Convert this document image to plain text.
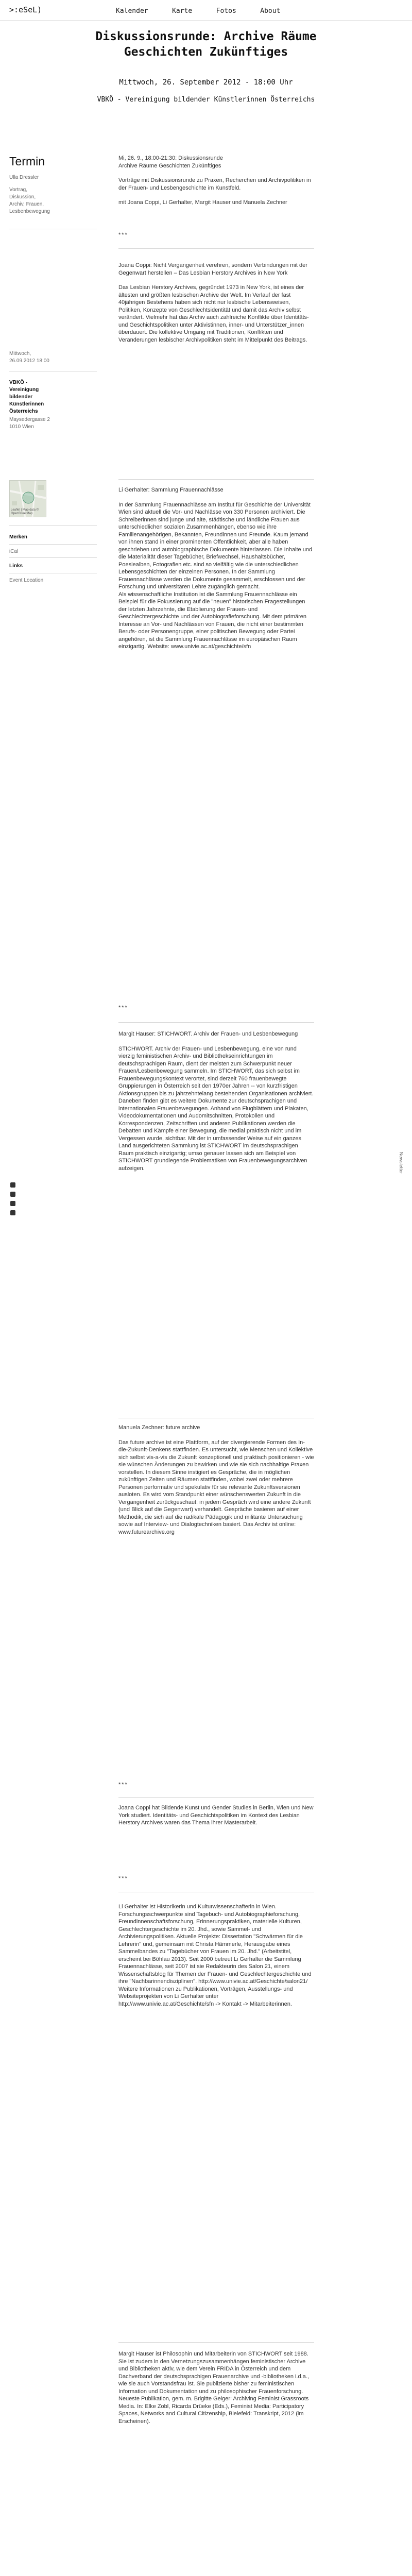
>:eSeL)	Kalender	Karte	Fotos	About
Diskussionsrunde: Archive Räume
Geschichten Zukünftiges
Mittwoch, 26. September 2012 - 18:00 Uhr
VBKÖ - Vereinigung bildender Künstlerinnen Österreichs
Termin
Ulla Dressler
Vortrag,
Diskussion,
Archiv, Frauen,
Lesbenbewegung
Mittwoch,
26.09.2012 18:00
VBKÖ -
Vereinigung
bildender
Künstlerinnen
Österreichs
Maysedergasse 2
1010 Wien
Leaflet | Map data ©
OpenStreetMap
Merken
iCal
Links
Event Location

Mi, 26. 9., 18:00-21:30: Diskussionsrunde

Archive Räume Geschichten Zukünftiges

Vorträge mit Diskussionsrunde zu Praxen, Recherchen und Archivpolitiken in der Frauen- und Lesbengeschichte im Kunstfeld.

mit Joana Coppi, Li Gerhalter, Margit Hauser und Manuela Zechner

***

Joana Coppi: Nicht Vergangenheit verehren, sondern Verbindungen mit der Gegenwart herstellen – Das Lesbian Herstory Archives in New York

Das Lesbian Herstory Archives, gegründet 1973 in New York, ist eines der ältesten und größten lesbischen Archive der Welt. Im Verlauf der fast 40jährigen Bestehens haben sich nicht nur lesbische Lebensweisen, Politiken, Konzepte von Geschlechtsidentität und damit das Archiv selbst verändert. Vielmehr hat das Archiv auch zahlreiche Konflikte über Identitäts- und Geschichtspolitiken unter Aktivistinnen, inner- und Unterstützer_innen überdauert. Die kollektive Umgang mit Traditionen, Konflikten und Veränderungen lesbischer Archivpolitiken steht im Mittelpunkt des Beitrags.

Li Gerhalter: Sammlung Frauennachlässe

In der Sammlung Frauennachlässe am Institut für Geschichte der Universität Wien sind aktuell die Vor- und Nachlässe von 330 Personen archiviert. Die Schreiberinnen sind junge und alte, städtische und ländliche Frauen aus unterschiedlichen sozialen Zusammenhängen, ebenso wie ihre Familienangehörigen, Bekannten, Freundinnen und Freunde. Kaum jemand von ihnen stand in einer prominenten Öffentlichkeit, aber alle haben geschrieben und autobiographische Dokumente hinterlassen. Die Inhalte und die Materialität dieser Tagebücher, Briefwechsel, Haushaltsbücher, Poesiealben, Fotografien etc. sind so vielfältig wie die unterschiedlichen Lebensgeschichten der einzelnen Personen. In der Sammlung Frauennachlässe werden die Dokumente gesammelt, erschlossen und der Forschung und universitären Lehre zugänglich gemacht.

Als wissenschaftliche Institution ist die Sammlung Frauennachlässe ein Beispiel für die Fokussierung auf die "neuen" historischen Fragestellungen der letzten Jahrzehnte, die Etablierung der Frauen- und Geschlechtergeschichte und der Autobiografieforschung. Mit dem primären Interesse an Vor- und Nachlässen von Frauen, die nicht einer bestimmten Berufs- oder Personengruppe, einer politischen Bewegung oder Partei angehören, ist die Sammlung Frauennachlässe im europäischen Raum einzigartig. Website: www.univie.ac.at/geschichte/sfn

***

Margit Hauser: STICHWORT. Archiv der Frauen- und Lesbenbewegung

STICHWORT. Archiv der Frauen- und Lesbenbewegung, eine von rund vierzig feministischen Archiv- und Bibliothekseinrichtungen im deutschsprachigen Raum, dient der meisten zum Schwerpunkt neuer Frauen/Lesbenbewegung sammeln. Im STICHWORT, das sich selbst im Frauenbewegungskontext verortet, sind derzeit 760 frauenbewegte Gruppierungen in Österreich seit den 1970er Jahren -- von kurzfristigen Aktionsgruppen bis zu jahrzehntelang bestehenden Organisationen archiviert. Daneben finden gibt es weitere Dokumente zur deutschsprachigen und internationalen Frauenbewegungen. Anhand von Flugblättern und Plakaten, Videodokumentationen und Audomitschnitten, Protokollen und Korrespondenzen, Zeitschriften und anderen Publikationen werden die Debatten und Kämpfe einer Bewegung, die medial praktisch nicht und im Vergessen wurde, sichtbar. Mit der in umfassender Weise auf ein ganzes Land ausgerichteten Sammlung ist STICHWORT im deutschsprachigen Raum praktisch einzigartig; umso genauer lassen sich am Beispiel von STICHWORT grundlegende Problematiken von Frauenbewegungsarchiven aufzeigen.

Manuela Zechner: future archive

Das future archive ist eine Plattform, auf der divergierende Formen des In-die-Zukunft-Denkens stattfinden. Es untersucht, wie Menschen und Kollektive sich selbst vis-a-vis die Zukunft konzeptionell und praktisch positionieren - wie sie wünschen Änderungen zu bewirken und wie sie sich nachhaltige Praxen vorstellen. In diesem Sinne instigiert es Gespräche, die in möglichen zukünftigen Zeiten und Räumen stattfinden, wobei zwei oder mehrere Personen performativ und spekulativ für sie relevante Zukunftsversionen ausloten. Es wird vom Standpunkt einer wünschenswerten Zukunft in die Vergangenheit zurückgeschaut: in jedem Gespräch wird eine andere Zukunft (und Blick auf die Gegenwart) verhandelt. Gespräche basieren auf einer Methodik, die sich auf die radikale Pädagogik und militante Untersuchung sowie auf Interview- und Dialogtechniken basiert. Das Archiv ist online: www.futurearchive.org

***

Joana Coppi hat Bildende Kunst und Gender Studies in Berlin, Wien und New York studiert. Identitäts- und Geschichtspolitiken im Kontext des Lesbian Herstory Archives waren das Thema ihrer Masterarbeit.

***

Li Gerhalter ist Historikerin und Kulturwissenschafterin in Wien. Forschungsschwerpunkte sind Tagebuch- und Autobiographieforschung, Freundinnenschaftsforschung, Erinnerungspraktiken, materielle Kulturen, Geschlechtergeschichte im 20. Jhd., sowie Sammel- und Archivierungspolitiken. Aktuelle Projekte: Dissertation "Schwärmen für die Lehrerin" und, gemeinsam mit Christa Hämmerle, Herausgabe eines Sammelbandes zu "Tagebücher von Frauen im 20. Jhd." (Arbeitstitel, erscheint bei Böhlau 2013). Seit 2000 betreut Li Gerhalter die Sammlung Frauennachlässe, seit 2007 ist sie Redakteurin des Salon 21, einem Wissenschaftsblog für Themen der Frauen- und Geschlechtergeschichte und ihre "Nachbarinnendisziplinen". http://www.univie.ac.at/Geschichte/salon21/ Weitere Informationen zu Publikationen, Vorträgen, Ausstellungs- und Websiteprojekten von Li Gerhalter unter http://www.univie.ac.at/Geschichte/sfn -> Kontakt -> Mitarbeiterinnen.

Margit Hauser ist Philosophin und Mitarbeiterin von STICHWORT seit 1988. Sie ist zudem in den Vernetzungszusammenhängen feministischer Archive und Bibliotheken aktiv, wie dem Verein FRIDA in Österreich und dem Dachverband der deutschsprachigen Frauenarchive und -bibliotheken i.d.a., wie sie auch Vorstandsfrau ist. Sie publizierte bisher zu feministischen Information und Dokumentation und zu philosophischer Frauenforschung. Neueste Publikation, gem. m. Brigitte Geiger: Archiving Feminist Grassroots Media. In: Elke Zobl, Ricarda Drüeke (Eds.), Feminist Media: Participatory Spaces, Networks and Cultural Citizenship, Bielefeld: Transkript, 2012 (im Erscheinen).

Newsletter
